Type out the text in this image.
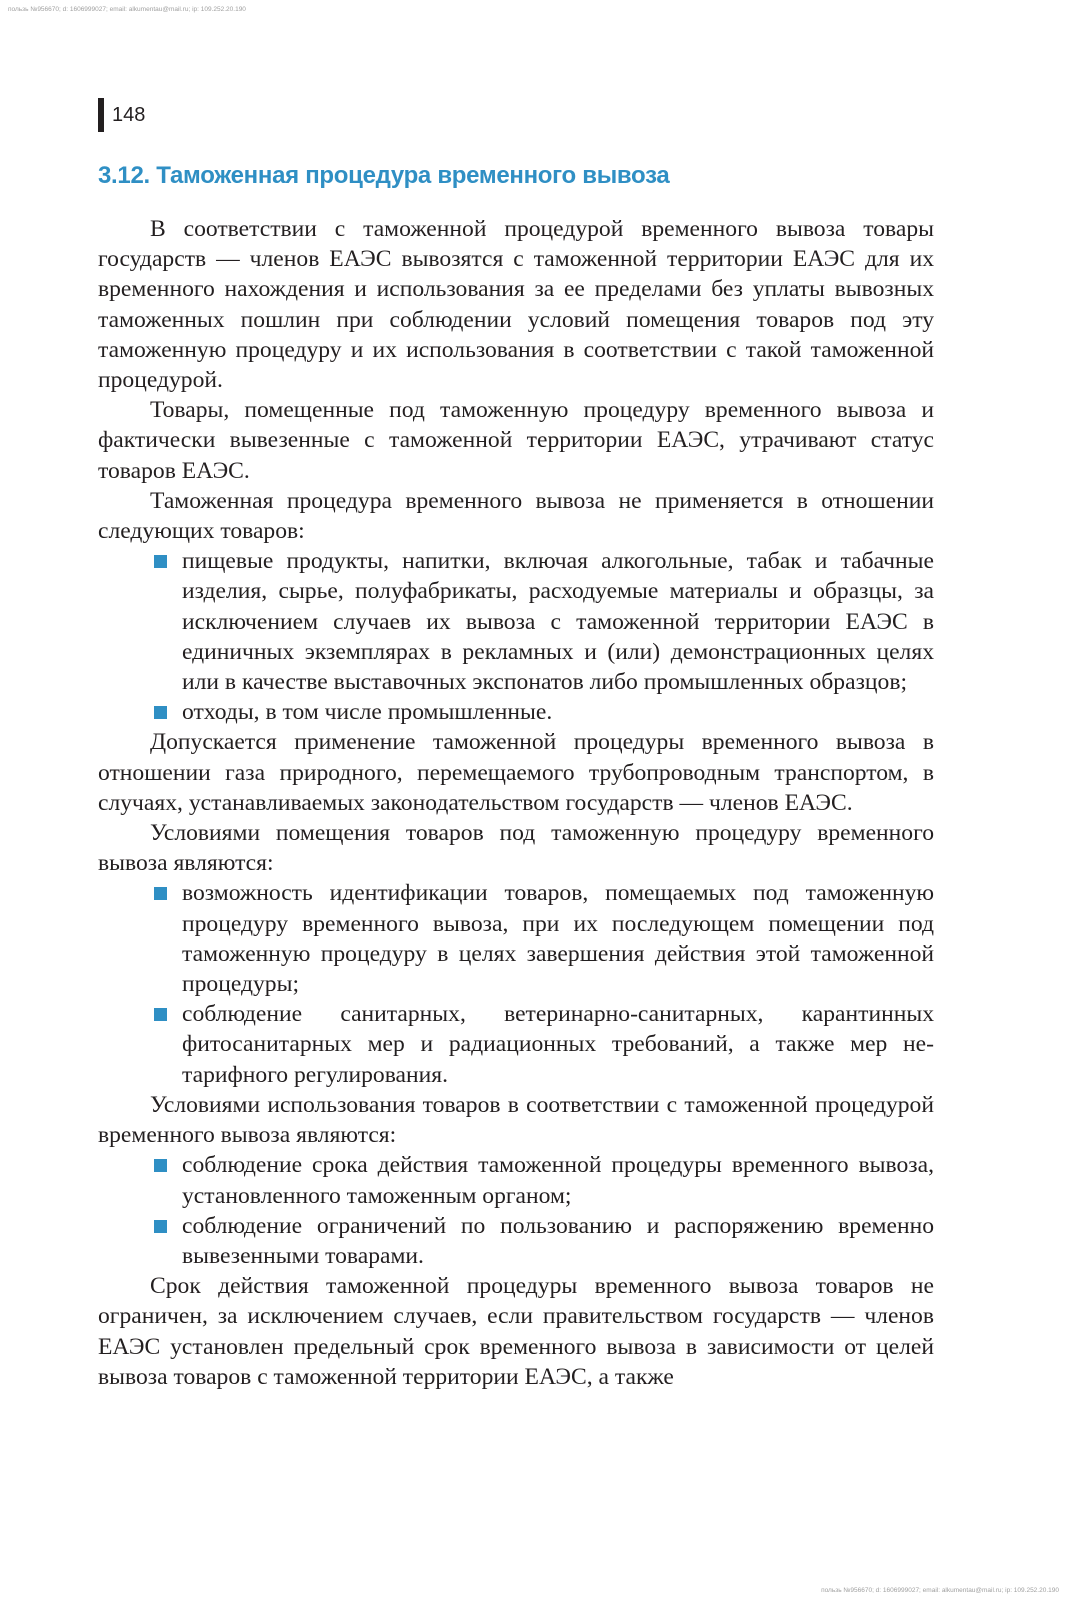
пользь №956670; d: 1606999027; email: alkumentau@mail.ru; ip: 109.252.20.190

148
3.12. Таможенная процедура временного вывоза

В соответствии с таможенной процедурой временного вывоза товары государств — членов ЕАЭС вывозятся с таможенной территории ЕАЭС для их временного нахождения и использования за ее пределами без уплаты вывозных таможенных пошлин при соблюдении условий помещения товаров под эту таможенную процедуру и их использования в соответствии с такой таможенной процедурой.

Товары, помещенные под таможенную процедуру временного вывоза и фактически вывезенные с таможенной территории ЕАЭС, утрачивают статус товаров ЕАЭС.

Таможенная процедура временного вывоза не применяется в отношении следующих товаров:

пищевые продукты, напитки, включая алкогольные, табак и табачные изделия, сырье, полуфабрикаты, расходуемые материалы и образцы, за исключением случаев их вывоза с таможенной территории ЕАЭС в единичных экземплярах в рекламных и (или) демонстрационных целях или в качестве выставочных экспонатов либо промышленных образцов;
отходы, в том числе промышленные.

Допускается применение таможенной процедуры временного вывоза в отношении газа природного, перемещаемого трубопроводным транспортом, в случаях, устанавливаемых законодательством государств — членов ЕАЭС.

Условиями помещения товаров под таможенную процедуру временного вывоза являются:

возможность идентификации товаров, помещаемых под таможенную процедуру временного вывоза, при их последующем помещении под таможенную процедуру в целях завершения действия этой таможенной процедуры;
соблюдение санитарных, ветеринарно-санитарных, карантинных фитосанитарных мер и радиационных требований, а также мер нетарифного регулирования.

Условиями использования товаров в соответствии с таможенной процедурой временного вывоза являются:

соблюдение срока действия таможенной процедуры временного вывоза, установленного таможенным органом;
соблюдение ограничений по пользованию и распоряжению временно вывезенными товарами.

Срок действия таможенной процедуры временного вывоза товаров не ограничен, за исключением случаев, если правительством государств — членов ЕАЭС установлен предельный срок временного вывоза в зависимости от целей вывоза товаров с таможенной территории ЕАЭС, а также

пользь №956670; d: 1606999027; email: alkumentau@mail.ru; ip: 109.252.20.190
